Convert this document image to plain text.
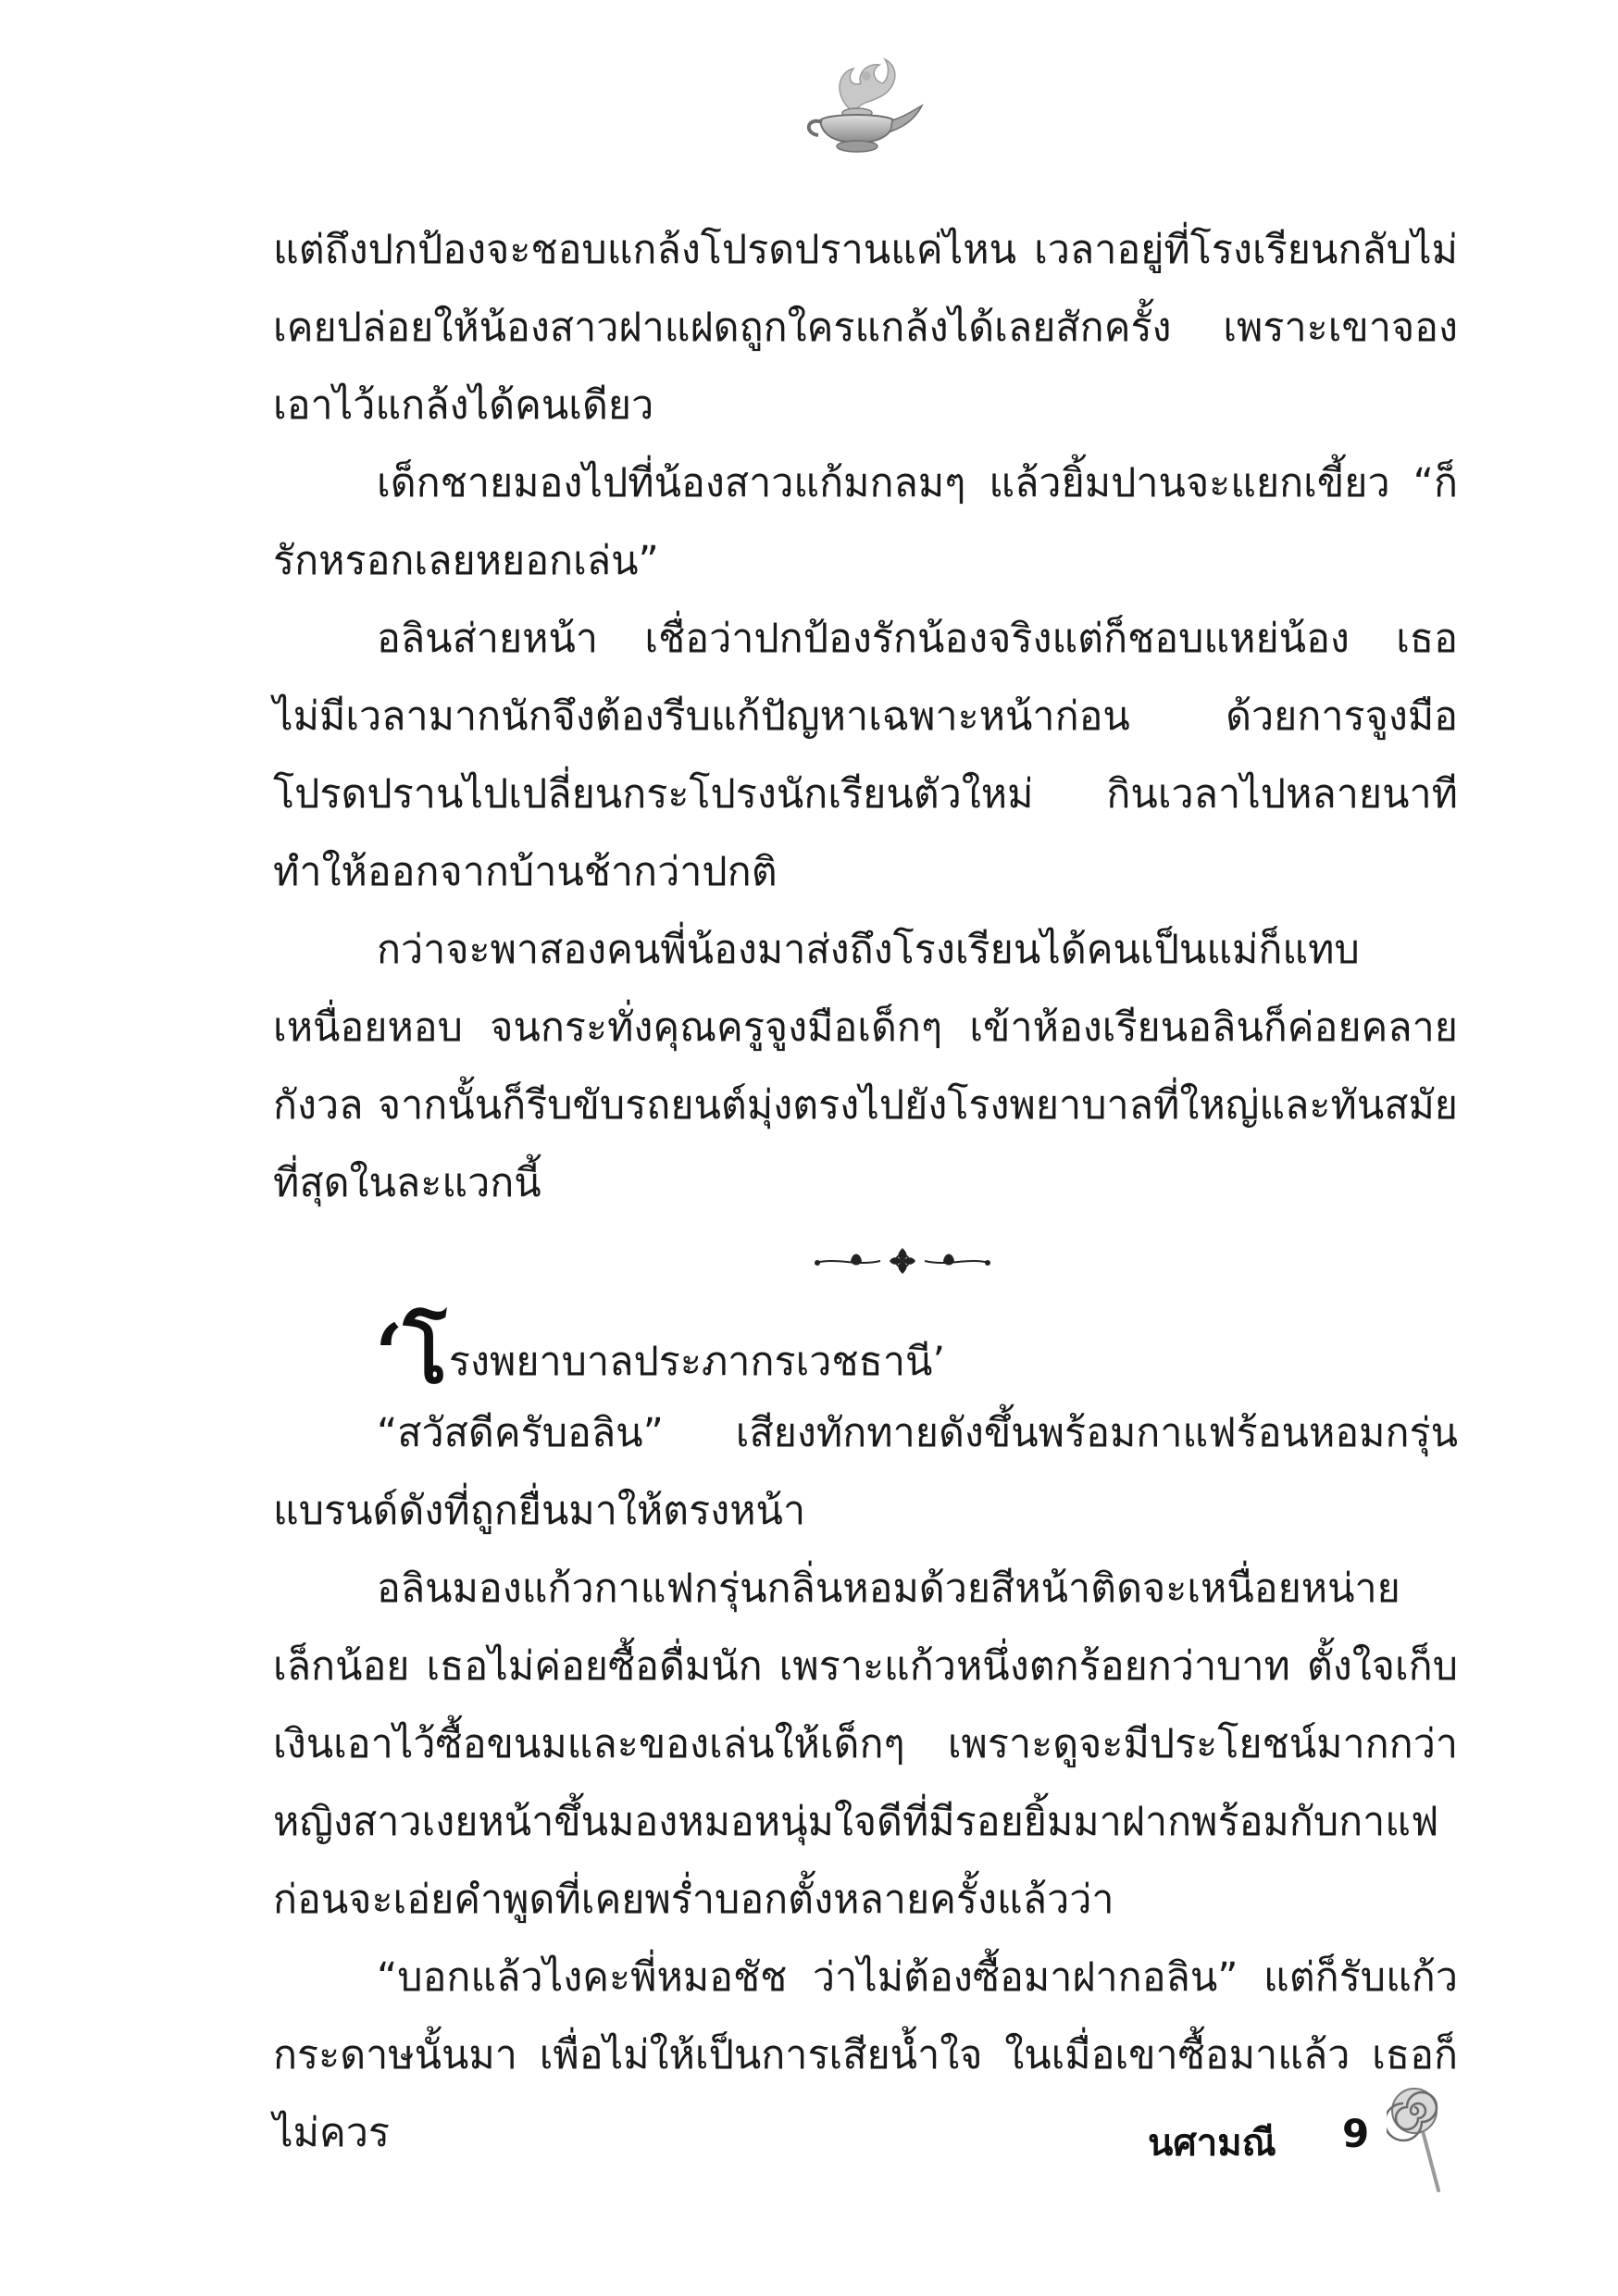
แต่ถึงปกป้องจะชอบแกล้งโปรดปรานแค่ไหน เวลาอยู่ที่โรงเรียนกลับไม่เคยปล่อยให้น้องสาวฝาแฝดถูกใครแกล้งได้เลยสักครั้ง เพราะเขาจองเอาไว้แกล้งได้คนเดียว

เด็กชายมองไปที่น้องสาวแก้มกลมๆ แล้วยิ้มปานจะแยกเขี้ยว “ก็รักหรอกเลยหยอกเล่น”

อลินส่ายหน้า เชื่อว่าปกป้องรักน้องจริงแต่ก็ชอบแหย่น้อง เธอไม่มีเวลามากนักจึงต้องรีบแก้ปัญหาเฉพาะหน้าก่อน ด้วยการจูงมือโปรดปรานไปเปลี่ยนกระโปรงนักเรียนตัวใหม่ กินเวลาไปหลายนาที ทำให้ออกจากบ้านช้ากว่าปกติ

กว่าจะพาสองคนพี่น้องมาส่งถึงโรงเรียนได้คนเป็นแม่ก็แทบเหนื่อยหอบ จนกระทั่งคุณครูจูงมือเด็กๆ เข้าห้องเรียนอลินก็ค่อยคลายกังวล จากนั้นก็รีบขับรถยนต์มุ่งตรงไปยังโรงพยาบาลที่ใหญ่และทันสมัยที่สุดในละแวกนี้

‘โ รงพยาบาลประภากรเวชธานี’

“สวัสดีครับอลิน” เสียงทักทายดังขึ้นพร้อมกาแฟร้อนหอมกรุ่นแบรนด์ดังที่ถูกยื่นมาให้ตรงหน้า

อลินมองแก้วกาแฟกรุ่นกลิ่นหอมด้วยสีหน้าติดจะเหนื่อยหน่ายเล็กน้อย เธอไม่ค่อยซื้อดื่มนัก เพราะแก้วหนึ่งตกร้อยกว่าบาท ตั้งใจเก็บเงินเอาไว้ซื้อขนมและของเล่นให้เด็กๆ เพราะดูจะมีประโยชน์มากกว่า หญิงสาวเงยหน้าขึ้นมองหมอหนุ่มใจดีที่มีรอยยิ้มมาฝากพร้อมกับกาแฟก่อนจะเอ่ยคำพูดที่เคยพร่ำบอกตั้งหลายครั้งแล้วว่า

“บอกแล้วไงคะพี่หมอชัช ว่าไม่ต้องซื้อมาฝากอลิน” แต่ก็รับแก้วกระดาษนั้นมา เพื่อไม่ให้เป็นการเสียน้ำใจ ในเมื่อเขาซื้อมาแล้ว เธอก็ไม่ควร	นศามณี 9
